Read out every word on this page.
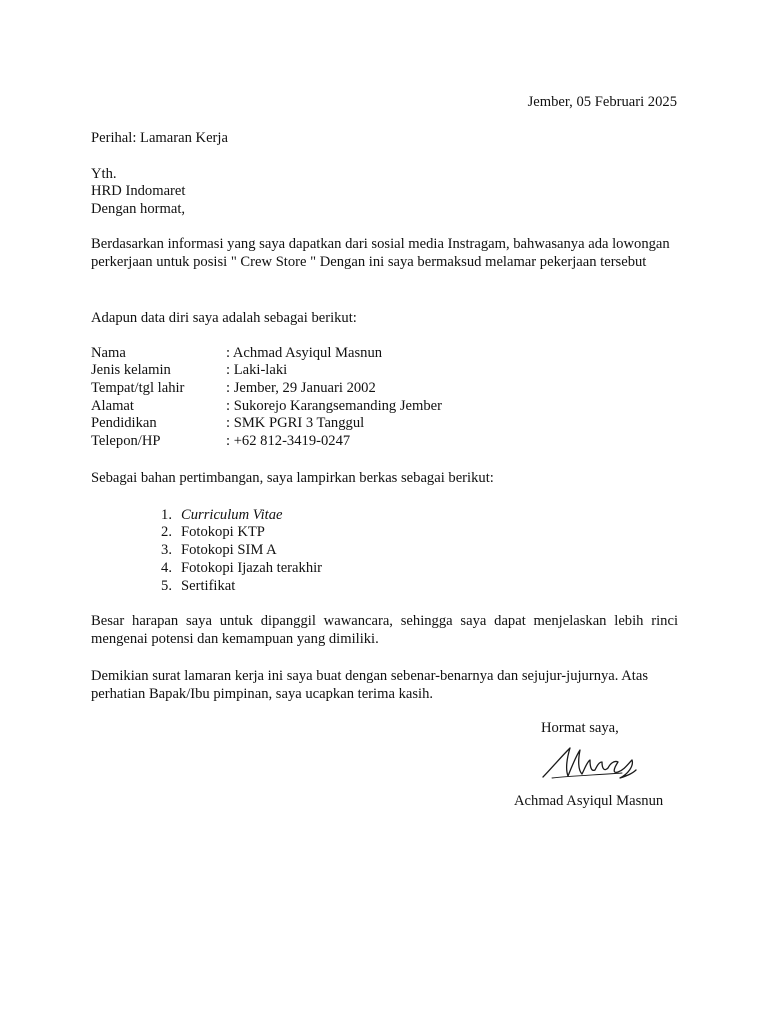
Jember, 05 Februari 2025
Perihal: Lamaran Kerja
Yth.
HRD Indomaret
Dengan hormat,
Berdasarkan informasi yang saya dapatkan dari sosial media Instragam, bahwasanya ada lowongan perkerjaan untuk posisi " Crew Store " Dengan ini saya bermaksud melamar pekerjaan tersebut
Adapun data diri saya adalah sebagai berikut:
Nama	: Achmad Asyiqul Masnun
Jenis kelamin	: Laki-laki
Tempat/tgl lahir	: Jember, 29 Januari 2002
Alamat	: Sukorejo Karangsemanding Jember
Pendidikan	: SMK PGRI 3 Tanggul
Telepon/HP	: +62 812-3419-0247
Sebagai bahan pertimbangan, saya lampirkan berkas sebagai berikut:
1. Curriculum Vitae
2. Fotokopi KTP
3. Fotokopi SIM A
4. Fotokopi Ijazah terakhir
5. Sertifikat
Besar harapan saya untuk dipanggil wawancara, sehingga saya dapat menjelaskan lebih rinci mengenai potensi dan kemampuan yang dimiliki.
Demikian surat lamaran kerja ini saya buat dengan sebenar-benarnya dan sejujur-jujurnya. Atas perhatian Bapak/Ibu pimpinan, saya ucapkan terima kasih.
Hormat saya,
Achmad Asyiqul Masnun
